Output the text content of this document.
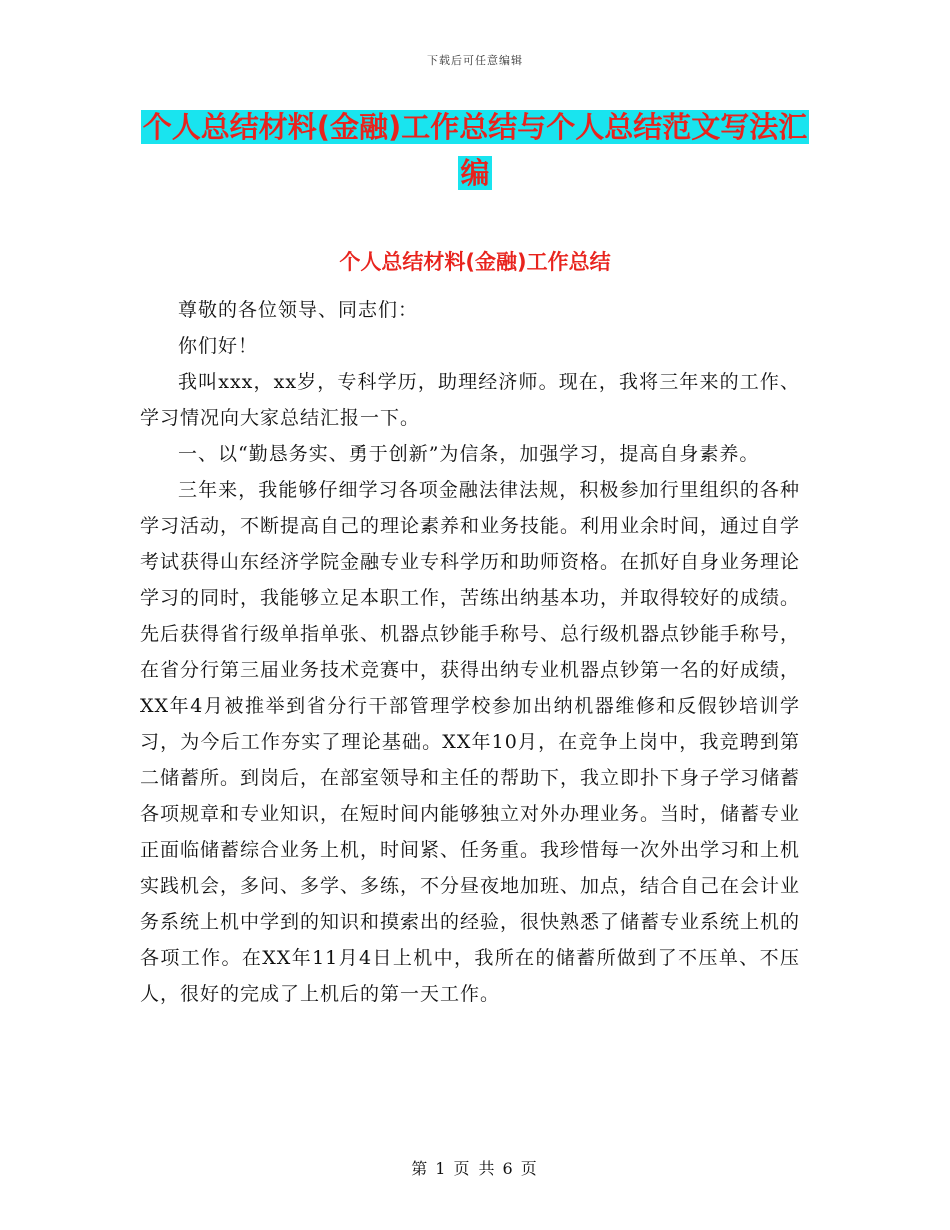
下载后可任意编辑
个人总结材料(金融)工作总结与个人总结范文写法汇
编
个人总结材料(金融)工作总结

尊敬的各位领导、同志们：

你们好！

我叫xxx，xx岁，专科学历，助理经济师。现在，我将三年来的工作、学习情况向大家总结汇报一下。

一、以“勤恳务实、勇于创新”为信条，加强学习，提高自身素养。

三年来，我能够仔细学习各项金融法律法规，积极参加行里组织的各种学习活动，不断提高自己的理论素养和业务技能。利用业余时间，通过自学考试获得山东经济学院金融专业专科学历和助师资格。在抓好自身业务理论学习的同时，我能够立足本职工作，苦练出纳基本功，并取得较好的成绩。先后获得省行级单指单张、机器点钞能手称号、总行级机器点钞能手称号，在省分行第三届业务技术竞赛中，获得出纳专业机器点钞第一名的好成绩，XX年4月被推举到省分行干部管理学校参加出纳机器维修和反假钞培训学习，为今后工作夯实了理论基础。XX年10月，在竞争上岗中，我竞聘到第二储蓄所。到岗后，在部室领导和主任的帮助下，我立即扑下身子学习储蓄各项规章和专业知识，在短时间内能够独立对外办理业务。当时，储蓄专业正面临储蓄综合业务上机，时间紧、任务重。我珍惜每一次外出学习和上机实践机会，多问、多学、多练，不分昼夜地加班、加点，结合自己在会计业务系统上机中学到的知识和摸索出的经验，很快熟悉了储蓄专业系统上机的各项工作。在XX年11月4日上机中，我所在的储蓄所做到了不压单、不压人，很好的完成了上机后的第一天工作。

第 1 页 共 6 页
